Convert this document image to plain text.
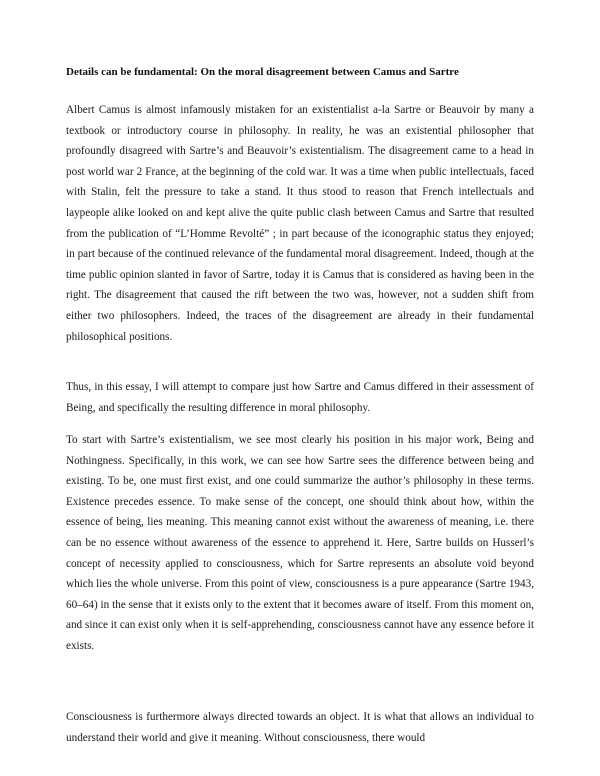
Details can be fundamental: On the moral disagreement between Camus and Sartre

Albert Camus is almost infamously mistaken for an existentialist a-la Sartre or Beauvoir by many a textbook or introductory course in philosophy. In reality, he was an existential philosopher that profoundly disagreed with Sartre’s and Beauvoir’s existentialism. The disagreement came to a head in post world war 2 France, at the beginning of the cold war. It was a time when public intellectuals, faced with Stalin, felt the pressure to take a stand. It thus stood to reason that French intellectuals and laypeople alike looked on and kept alive the quite public clash between Camus and Sartre that resulted from the publication of “L’Homme Revolté” ; in part because of the iconographic status they enjoyed; in part because of the continued relevance of the fundamental moral disagreement. Indeed, though at the time public opinion slanted in favor of Sartre, today it is Camus that is considered as having been in the right. The disagreement that caused the rift between the two was, however, not a sudden shift from either two philosophers. Indeed, the traces of the disagreement are already in their fundamental philosophical positions.

Thus, in this essay, I will attempt to compare just how Sartre and Camus differed in their assessment of Being, and specifically the resulting difference in moral philosophy.

To start with Sartre’s existentialism, we see most clearly his position in his major work, Being and Nothingness. Specifically, in this work, we can see how Sartre sees the difference between being and existing. To be, one must first exist, and one could summarize the author’s philosophy in these terms. Existence precedes essence. To make sense of the concept, one should think about how, within the essence of being, lies meaning. This meaning cannot exist without the awareness of meaning, i.e. there can be no essence without awareness of the essence to apprehend it. Here, Sartre builds on Husserl’s concept of necessity applied to consciousness, which for Sartre represents an absolute void beyond which lies the whole universe. From this point of view, consciousness is a pure appearance (Sartre 1943, 60–64) in the sense that it exists only to the extent that it becomes aware of itself. From this moment on, and since it can exist only when it is self-apprehending, consciousness cannot have any essence before it exists.

Consciousness is furthermore always directed towards an object. It is what that allows an individual to understand their world and give it meaning. Without consciousness, there would
